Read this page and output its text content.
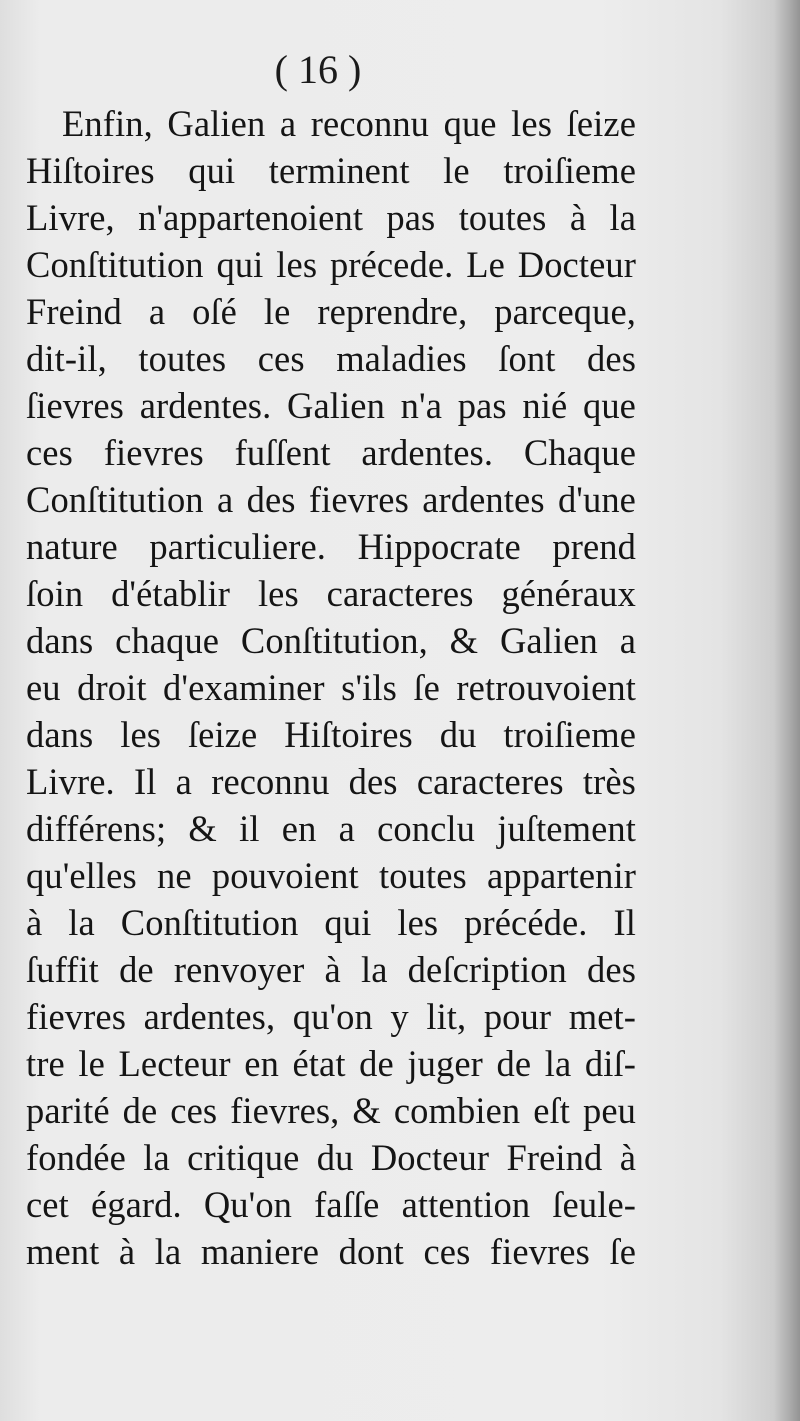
( 16 )
Enfin, Galien a reconnu que les ſeize
Hiſtoires qui terminent le troiſieme
Livre, n'appartenoient pas toutes à la
Conſtitution qui les précede. Le Docteur
Freind a oſé le reprendre, parceque,
dit-il, toutes ces maladies ſont des
ſievres ardentes. Galien n'a pas nié que
ces fievres fuſſent ardentes. Chaque
Conſtitution a des fievres ardentes d'une
nature particuliere. Hippocrate prend
ſoin d'établir les caracteres généraux
dans chaque Conſtitution, & Galien a
eu droit d'examiner s'ils ſe retrouvoient
dans les ſeize Hiſtoires du troiſieme
Livre. Il a reconnu des caracteres très
différens; & il en a conclu juſtement
qu'elles ne pouvoient toutes appartenir
à la Conſtitution qui les précéde. Il
ſuffit de renvoyer à la deſcription des
fievres ardentes, qu'on y lit, pour met-
tre le Lecteur en état de juger de la diſ-
parité de ces fievres, & combien eſt peu
fondée la critique du Docteur Freind à
cet égard. Qu'on faſſe attention ſeule-
ment à la maniere dont ces fievres ſe
